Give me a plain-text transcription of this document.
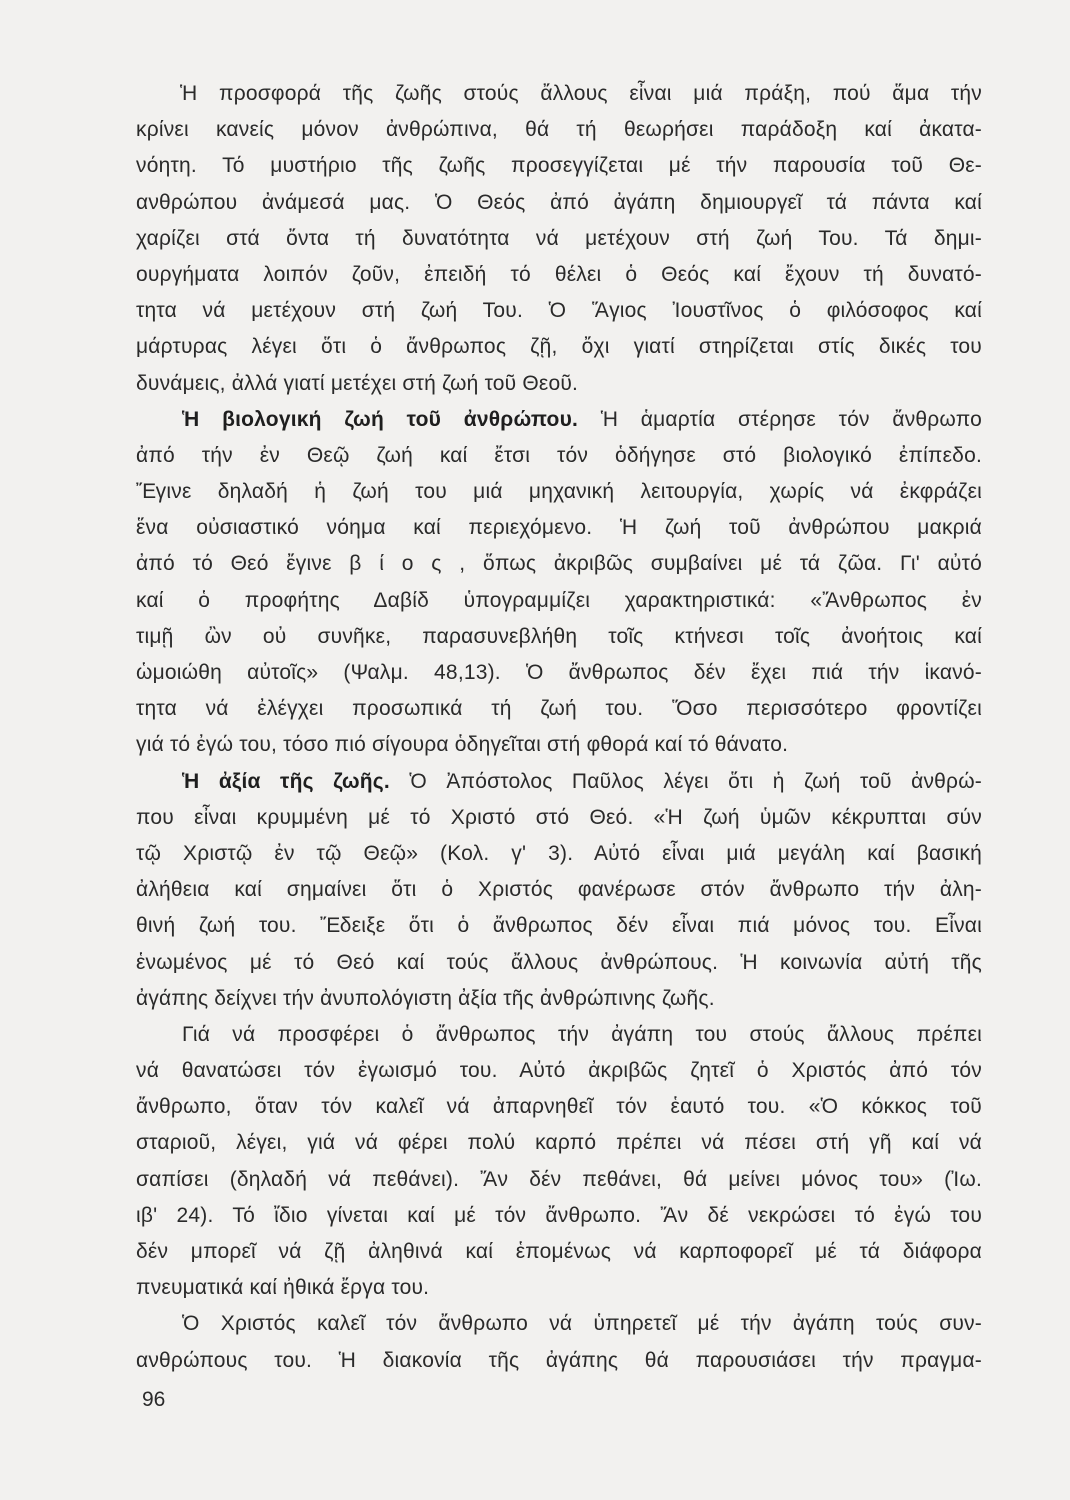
Ἡ προσφορά τῆς ζωῆς στούς ἄλλους εἶναι μιά πράξη, πού ἅμα τήν
κρίνει κανείς μόνον ἀνθρώπινα, θά τή θεωρήσει παράδοξη καί ἀκατα-
νόητη. Τό μυστήριο τῆς ζωῆς προσεγγίζεται μέ τήν παρουσία τοῦ Θε-
ανθρώπου ἀνάμεσά μας. Ὁ Θεός ἀπό ἀγάπη δημιουργεῖ τά πάντα καί
χαρίζει στά ὄντα τή δυνατότητα νά μετέχουν στή ζωή Του. Τά δημι-
ουργήματα λοιπόν ζοῦν, ἐπειδή τό θέλει ὁ Θεός καί ἔχουν τή δυνατό-
τητα νά μετέχουν στή ζωή Του. Ὁ Ἅγιος Ἰουστῖνος ὁ φιλόσοφος καί
μάρτυρας λέγει ὅτι ὁ ἄνθρωπος ζῇ, ὄχι γιατί στηρίζεται στίς δικές του
δυνάμεις, ἀλλά γιατί μετέχει στή ζωή τοῦ Θεοῦ.
Ἡ βιολογική ζωή τοῦ ἀνθρώπου. Ἡ ἁμαρτία στέρησε τόν ἄνθρωπο
ἀπό τήν ἐν Θεῷ ζωή καί ἔτσι τόν ὁδήγησε στό βιολογικό ἐπίπεδο.
Ἔγινε δηλαδή ἡ ζωή του μιά μηχανική λειτουργία, χωρίς νά ἐκφράζει
ἕνα οὐσιαστικό νόημα καί περιεχόμενο. Ἡ ζωή τοῦ ἀνθρώπου μακριά
ἀπό τό Θεό ἔγινε β ί ο ς , ὅπως ἀκριβῶς συμβαίνει μέ τά ζῶα. Γι' αὐτό
καί ὁ προφήτης Δαβίδ ὑπογραμμίζει χαρακτηριστικά: «Ἄνθρωπος ἐν
τιμῇ ὢν οὐ συνῆκε, παρασυνεβλήθη τοῖς κτήνεσι τοῖς ἀνοήτοις καί
ὡμοιώθη αὐτοῖς» (Ψαλμ. 48,13). Ὁ ἄνθρωπος δέν ἔχει πιά τήν ἱκανό-
τητα νά ἐλέγχει προσωπικά τή ζωή του. Ὅσο περισσότερο φροντίζει
γιά τό ἐγώ του, τόσο πιό σίγουρα ὁδηγεῖται στή φθορά καί τό θάνατο.
Ἡ ἀξία τῆς ζωῆς. Ὁ Ἀπόστολος Παῦλος λέγει ὅτι ἡ ζωή τοῦ ἀνθρώ-
που εἶναι κρυμμένη μέ τό Χριστό στό Θεό. «Ἡ ζωή ὑμῶν κέκρυπται σύν
τῷ Χριστῷ ἐν τῷ Θεῷ» (Κολ. γ' 3). Αὐτό εἶναι μιά μεγάλη καί βασική
ἀλήθεια καί σημαίνει ὅτι ὁ Χριστός φανέρωσε στόν ἄνθρωπο τήν ἀλη-
θινή ζωή του. Ἔδειξε ὅτι ὁ ἄνθρωπος δέν εἶναι πιά μόνος του. Εἶναι
ἑνωμένος μέ τό Θεό καί τούς ἄλλους ἀνθρώπους. Ἡ κοινωνία αὐτή τῆς
ἀγάπης δείχνει τήν ἀνυπολόγιστη ἀξία τῆς ἀνθρώπινης ζωῆς.
Γιά νά προσφέρει ὁ ἄνθρωπος τήν ἀγάπη του στούς ἄλλους πρέπει
νά θανατώσει τόν ἐγωισμό του. Αὐτό ἀκριβῶς ζητεῖ ὁ Χριστός ἀπό τόν
ἄνθρωπο, ὅταν τόν καλεῖ νά ἀπαρνηθεῖ τόν ἑαυτό του. «Ὁ κόκκος τοῦ
σταριοῦ, λέγει, γιά νά φέρει πολύ καρπό πρέπει νά πέσει στή γῆ καί νά
σαπίσει (δηλαδή νά πεθάνει). Ἄν δέν πεθάνει, θά μείνει μόνος του» (Ἰω.
ιβ' 24). Τό ἴδιο γίνεται καί μέ τόν ἄνθρωπο. Ἄν δέ νεκρώσει τό ἐγώ του
δέν μπορεῖ νά ζῇ ἀληθινά καί ἑπομένως νά καρποφορεῖ μέ τά διάφορα
πνευματικά καί ἠθικά ἔργα του.
Ὁ Χριστός καλεῖ τόν ἄνθρωπο νά ὑπηρετεῖ μέ τήν ἀγάπη τούς συν-
ανθρώπους του. Ἡ διακονία τῆς ἀγάπης θά παρουσιάσει τήν πραγμα-
96
